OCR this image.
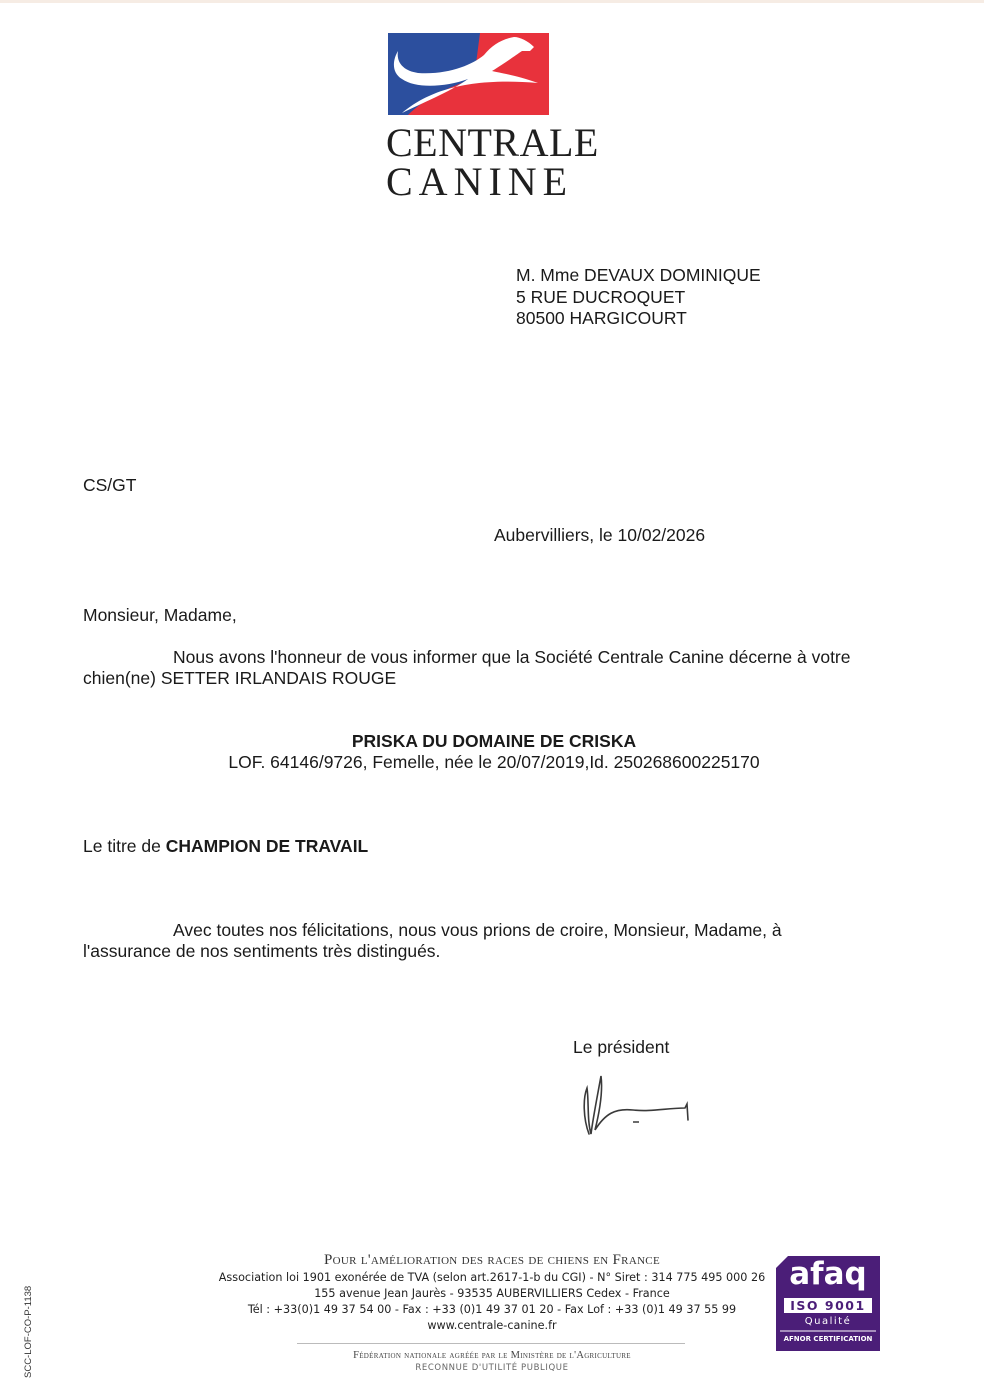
CENTRALE
CANINE
M. Mme DEVAUX DOMINIQUE
5 RUE DUCROQUET
80500 HARGICOURT
CS/GT
Aubervilliers, le 10/02/2026
Monsieur, Madame,
Nous avons l'honneur de vous informer que la Société Centrale Canine décerne à votre
chien(ne) SETTER IRLANDAIS ROUGE
PRISKA DU DOMAINE DE CRISKA
LOF. 64146/9726, Femelle, née le 20/07/2019,Id. 250268600225170
Le titre de CHAMPION DE TRAVAIL
Avec toutes nos félicitations, nous vous prions de croire, Monsieur, Madame, à
l'assurance de nos sentiments très distingués.
Le président
Pour l'amélioration des races de chiens en France
Association loi 1901 exonérée de TVA (selon art.2617-1-b du CGI) - N° Siret : 314 775 495 000 26
155 avenue Jean Jaurès - 93535 AUBERVILLIERS Cedex - France
Tél : +33(0)1 49 37 54 00 - Fax : +33 (0)1 49 37 01 20 - Fax Lof : +33 (0)1 49 37 55 99
www.centrale-canine.fr
Fédération nationale agréée par le Ministère de l'Agriculture
RECONNUE D'UTILITÉ PUBLIQUE
SCC-LOF-CO-P-1138
afaq
ISO 9001
Qualité
AFNOR CERTIFICATION
